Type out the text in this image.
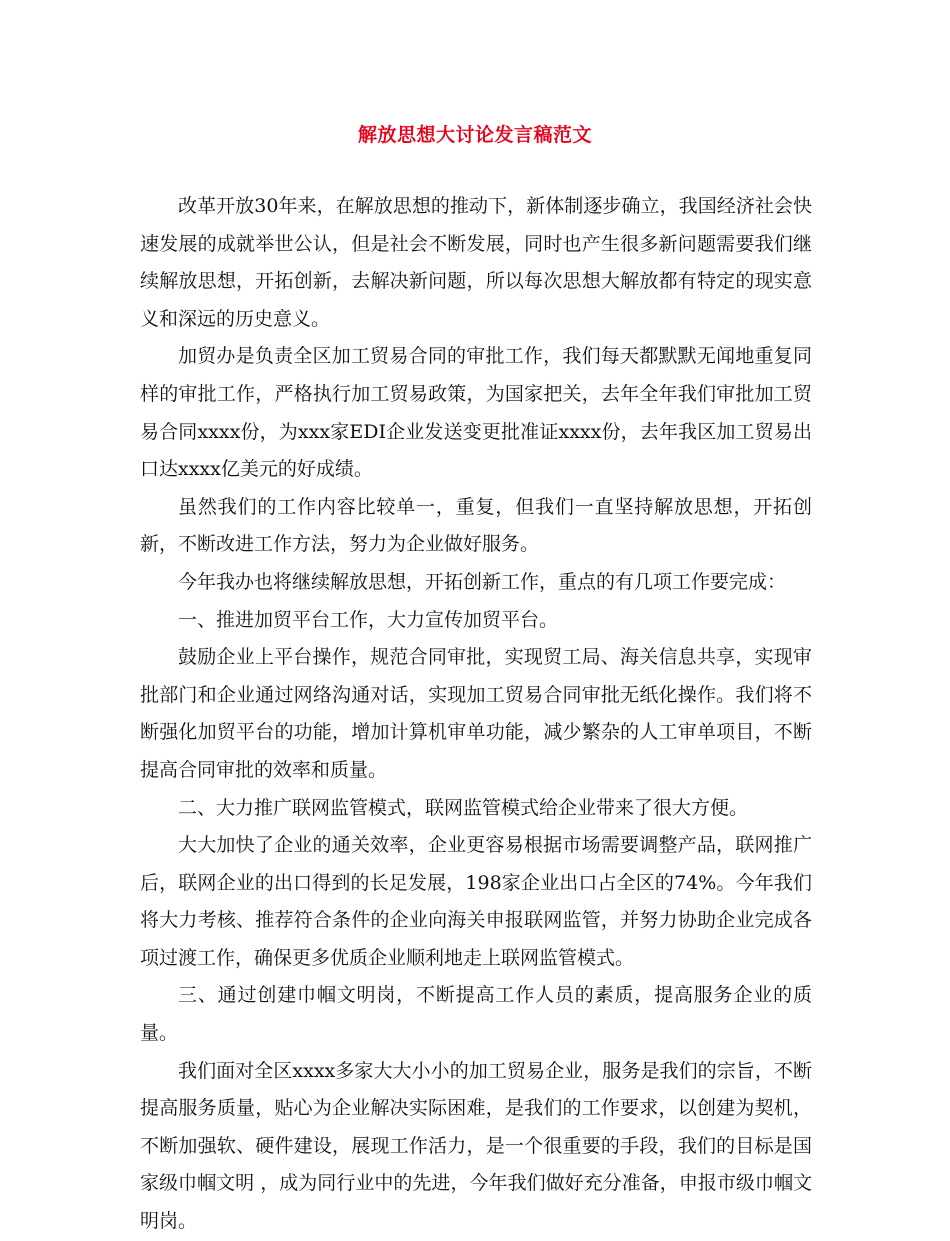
解放思想大讨论发言稿范文

改革开放30年来，在解放思想的推动下，新体制逐步确立，我国经济社会快速发展的成就举世公认，但是社会不断发展，同时也产生很多新问题需要我们继续解放思想，开拓创新，去解决新问题，所以每次思想大解放都有特定的现实意义和深远的历史意义。

加贸办是负责全区加工贸易合同的审批工作，我们每天都默默无闻地重复同样的审批工作，严格执行加工贸易政策，为国家把关，去年全年我们审批加工贸易合同xxxx份，为xxx家EDI企业发送变更批准证xxxx份，去年我区加工贸易出口达xxxx亿美元的好成绩。

虽然我们的工作内容比较单一，重复，但我们一直坚持解放思想，开拓创新，不断改进工作方法，努力为企业做好服务。

今年我办也将继续解放思想，开拓创新工作，重点的有几项工作要完成：

一、推进加贸平台工作，大力宣传加贸平台。

鼓励企业上平台操作，规范合同审批，实现贸工局、海关信息共享，实现审批部门和企业通过网络沟通对话，实现加工贸易合同审批无纸化操作。我们将不断强化加贸平台的功能，增加计算机审单功能，减少繁杂的人工审单项目，不断提高合同审批的效率和质量。

二、大力推广联网监管模式，联网监管模式给企业带来了很大方便。

大大加快了企业的通关效率，企业更容易根据市场需要调整产品，联网推广后，联网企业的出口得到的长足发展，198家企业出口占全区的74%。今年我们将大力考核、推荐符合条件的企业向海关申报联网监管，并努力协助企业完成各项过渡工作，确保更多优质企业顺利地走上联网监管模式。

三、通过创建巾帼文明岗，不断提高工作人员的素质，提高服务企业的质量。

我们面对全区xxxx多家大大小小的加工贸易企业，服务是我们的宗旨，不断提高服务质量，贴心为企业解决实际困难，是我们的工作要求，以创建为契机，不断加强软、硬件建设，展现工作活力，是一个很重要的手段，我们的目标是国家级巾帼文明 ，成为同行业中的先进，今年我们做好充分准备，申报市级巾帼文明岗。
